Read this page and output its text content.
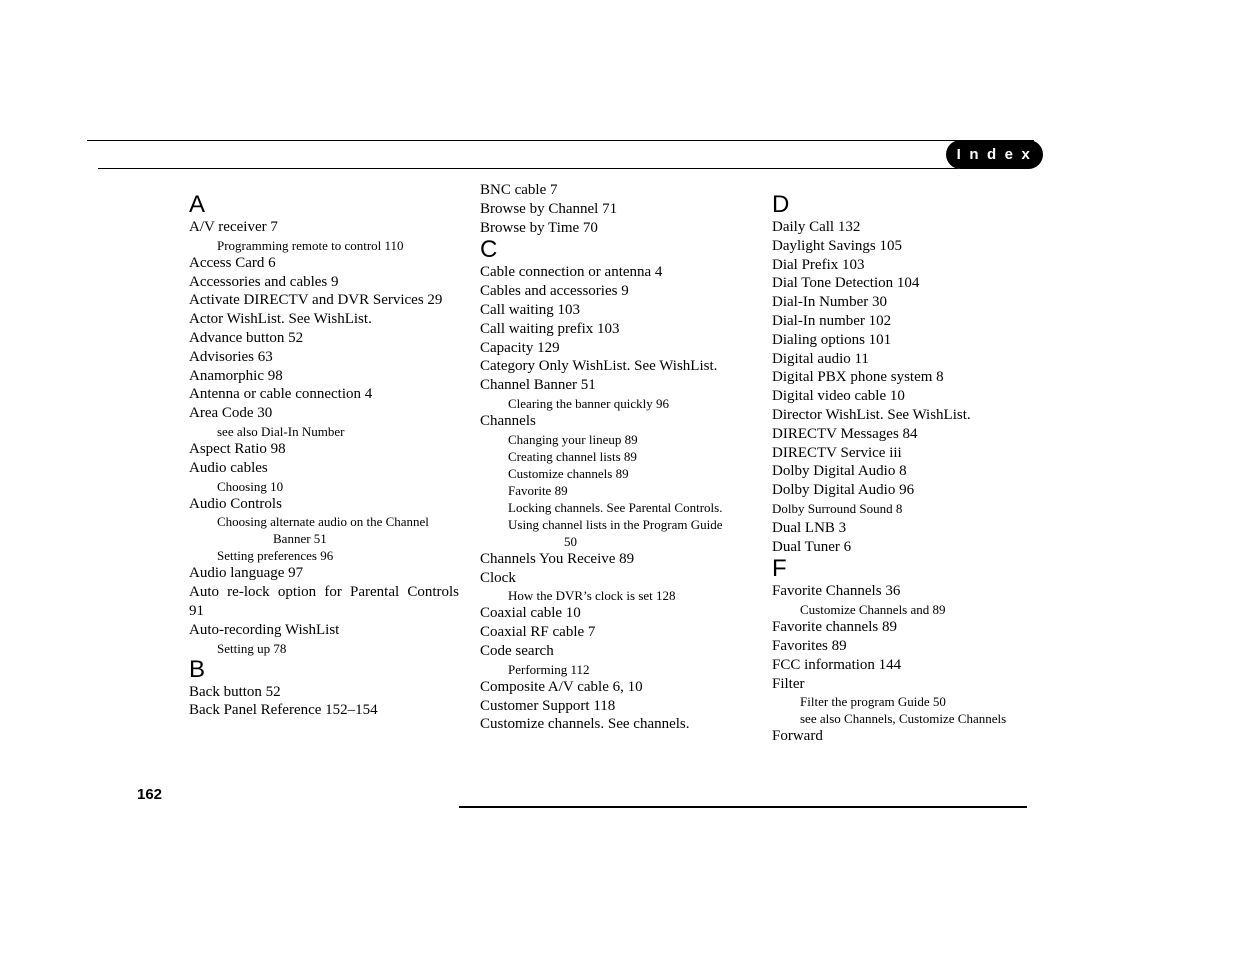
Index
A
A/V receiver 7
Programming remote to control 110
Access Card 6
Accessories and cables 9
Activate DIRECTV and DVR Services 29
Actor WishList. See WishList.
Advance button 52
Advisories 63
Anamorphic 98
Antenna or cable connection 4
Area Code 30
see also Dial-In Number
Aspect Ratio 98
Audio cables
Choosing 10
Audio Controls
Choosing alternate audio on the Channel
Banner 51
Setting preferences 96
Audio language 97
Auto re-lock option for Parental Controls
91
Auto-recording WishList
Setting up 78
B
Back button 52
Back Panel Reference 152–154
BNC cable 7
Browse by Channel 71
Browse by Time 70
C
Cable connection or antenna 4
Cables and accessories 9
Call waiting 103
Call waiting prefix 103
Capacity 129
Category Only WishList. See WishList.
Channel Banner 51
Clearing the banner quickly 96
Channels
Changing your lineup 89
Creating channel lists 89
Customize channels 89
Favorite 89
Locking channels. See Parental Controls.
Using channel lists in the Program Guide
50
Channels You Receive 89
Clock
How the DVR’s clock is set 128
Coaxial cable 10
Coaxial RF cable 7
Code search
Performing 112
Composite A/V cable 6, 10
Customer Support 118
Customize channels. See channels.
D
Daily Call 132
Daylight Savings 105
Dial Prefix 103
Dial Tone Detection 104
Dial-In Number 30
Dial-In number 102
Dialing options 101
Digital audio 11
Digital PBX phone system 8
Digital video cable 10
Director WishList. See WishList.
DIRECTV Messages 84
DIRECTV Service iii
Dolby Digital Audio 8
Dolby Digital Audio 96
Dolby Surround Sound 8
Dual LNB 3
Dual Tuner 6
F
Favorite Channels 36
Customize Channels and 89
Favorite channels 89
Favorites 89
FCC information 144
Filter
Filter the program Guide 50
see also Channels, Customize Channels
Forward
162
